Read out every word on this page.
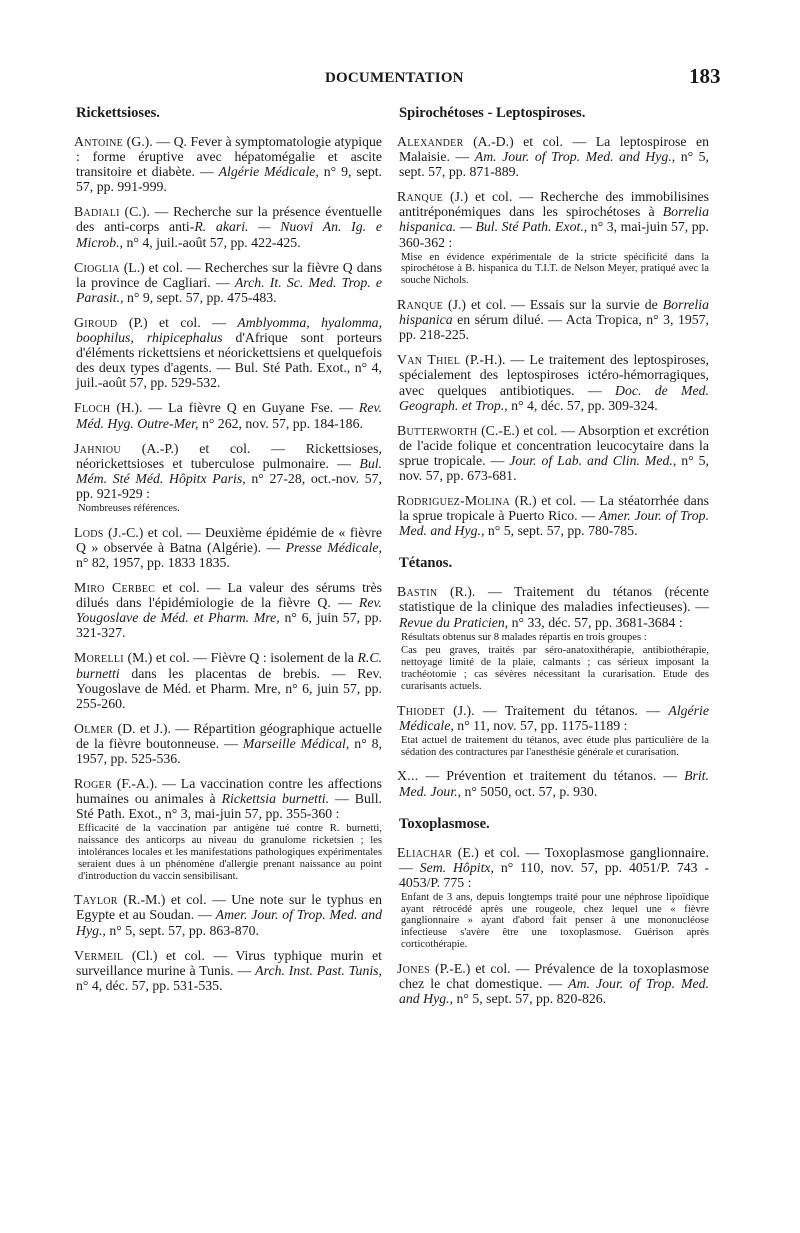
DOCUMENTATION	183
Rickettsioses.
Antoine (G.). — Q. Fever à symptomatologie atypique : forme éruptive avec hépatomégalie et ascite transitoire et diabète. — Algérie Médicale, n° 9, sept. 57, pp. 991-999.
Badiali (C.). — Recherche sur la présence éventuelle des anti-corps anti-R. akari. — Nuovi An. Ig. e Microb., n° 4, juil.-août 57, pp. 422-425.
Cioglia (L.) et col. — Recherches sur la fièvre Q dans la province de Cagliari. — Arch. It. Sc. Med. Trop. e Parasit., n° 9, sept. 57, pp. 475-483.
Giroud (P.) et col. — Amblyomma, hyalomma, boophilus, rhipicephalus d'Afrique sont porteurs d'éléments rickettsiens et néorickettsiens et quelquefois des deux types d'agents. — Bul. Sté Path. Exot., n° 4, juil.-août 57, pp. 529-532.
Floch (H.). — La fièvre Q en Guyane Fse. — Rev. Méd. Hyg. Outre-Mer, n° 262, nov. 57, pp. 184-186.
Jahniou (A.-P.) et col. — Rickettsioses, néorickettsioses et tuberculose pulmonaire. — Bul. Mém. Sté Méd. Hôpitx Paris, n° 27-28, oct.-nov. 57, pp. 921-929 :
Nombreuses références.
Lods (J.-C.) et col. — Deuxième épidémie de « fièvre Q » observée à Batna (Algérie). — Presse Médicale, n° 82, 1957, pp. 1833 1835.
Miro Cerbec et col. — La valeur des sérums très dilués dans l'épidémiologie de la fièvre Q. — Rev. Yougoslave de Méd. et Pharm. Mre, n° 6, juin 57, pp. 321-327.
Morelli (M.) et col. — Fièvre Q : isolement de la R.C. burnetti dans les placentas de brebis. — Rev. Yougoslave de Méd. et Pharm. Mre, n° 6, juin 57, pp. 255-260.
Olmer (D. et J.). — Répartition géographique actuelle de la fièvre boutonneuse. — Marseille Médical, n° 8, 1957, pp. 525-536.
Roger (F.-A.). — La vaccination contre les affections humaines ou animales à Rickettsia burnetti. — Bull. Sté Path. Exot., n° 3, mai-juin 57, pp. 355-360 :
Efficacité de la vaccination par antigène tué contre R. burnetti, naissance des anticorps au niveau du granulome ricketsien ; les intolérances locales et les manifestations pathologiques expérimentales seraient dues à un phénomène d'allergie prenant naissance au point d'introduction du vaccin sensibilisant.
Taylor (R.-M.) et col. — Une note sur le typhus en Egypte et au Soudan. — Amer. Jour. of Trop. Med. and Hyg., n° 5, sept. 57, pp. 863-870.
Vermeil (Cl.) et col. — Virus typhique murin et surveillance murine à Tunis. — Arch. Inst. Past. Tunis, n° 4, déc. 57, pp. 531-535.
Spirochétoses - Leptospiroses.
Alexander (A.-D.) et col. — La leptospirose en Malaisie. — Am. Jour. of Trop. Med. and Hyg., n° 5, sept. 57, pp. 871-889.
Ranque (J.) et col. — Recherche des immobilisines antitréponémiques dans les spirochétoses à Borrelia hispanica. — Bul. Sté Path. Exot., n° 3, mai-juin 57, pp. 360-362 :
Mise en évidence expérimentale de la stricte spécificité dans la spirochétose à B. hispanica du T.I.T. de Nelson Meyer, pratiqué avec la souche Nichols.
Ranque (J.) et col. — Essais sur la survie de Borrelia hispanica en sérum dilué. — Acta Tropica, n° 3, 1957, pp. 218-225.
Van Thiel (P.-H.). — Le traitement des leptospiroses, spécialement des leptospiroses ictéro-hémorragiques, avec quelques antibiotiques. — Doc. de Med. Geograph. et Trop., n° 4, déc. 57, pp. 309-324.
Butterworth (C.-E.) et col. — Absorption et excrétion de l'acide folique et concentration leucocytaire dans la sprue tropicale. — Jour. of Lab. and Clin. Med., n° 5, nov. 57, pp. 673-681.
Rodriguez-Molina (R.) et col. — La stéatorrhée dans la sprue tropicale à Puerto Rico. — Amer. Jour. of Trop. Med. and Hyg., n° 5, sept. 57, pp. 780-785.
Tétanos.
Bastin (R.). — Traitement du tétanos (récente statistique de la clinique des maladies infectieuses). — Revue du Praticien, n° 33, déc. 57, pp. 3681-3684 :
Résultats obtenus sur 8 malades répartis en trois groupes :
Cas peu graves, traités par séro-anatoxithérapie, antibiothérapie, nettoyage limité de la plaie, calmants ; cas sérieux imposant la trachéotomie ; cas sévères nécessitant la curarisation. Etude des curarisants actuels.
Thiodet (J.). — Traitement du tétanos. — Algérie Médicale, n° 11, nov. 57, pp. 1175-1189 :
Etat actuel de traitement du tétanos, avec étude plus particulière de la sédation des contractures par l'anesthésie générale et curarisation.
X... — Prévention et traitement du tétanos. — Brit. Med. Jour., n° 5050, oct. 57, p. 930.
Toxoplasmose.
Eliachar (E.) et col. — Toxoplasmose ganglionnaire. — Sem. Hôpitx, n° 110, nov. 57, pp. 4051/P. 743 - 4053/P. 775 :
Enfant de 3 ans, depuis longtemps traité pour une néphrose lipoïdique ayant rétrocédé après une rougeole, chez lequel une « fièvre ganglionnaire » ayant d'abord fait penser à une mononucléose infectieuse s'avère être une toxoplasmose. Guérison après corticothérapie.
Jones (P.-E.) et col. — Prévalence de la toxoplasmose chez le chat domestique. — Am. Jour. of Trop. Med. and Hyg., n° 5, sept. 57, pp. 820-826.
